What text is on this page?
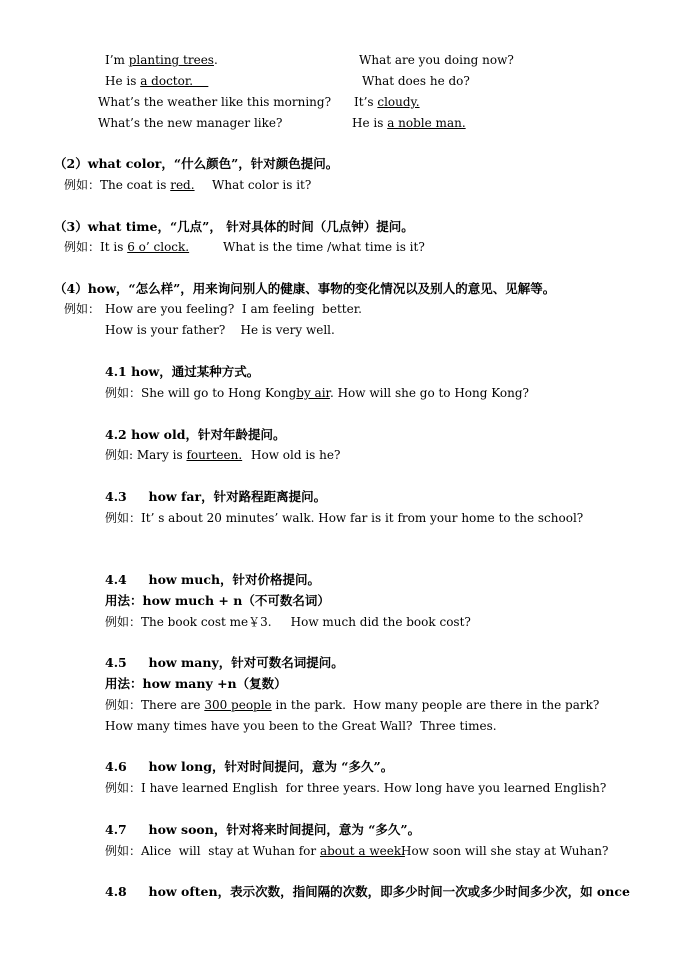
I’m planting trees.	What are you doing now?
He is a doctor.	What does he do?
What’s the weather like this morning? It’s cloudy.
What’s the new manager like?	He is a noble man.
（2）what color，“什么颜色”，针对颜色提问。
例如：The coat is red. What color is it?
（3）what time，“几点”， 针对具体的时间（几点钟）提问。
例如：It is 6 o’ clock.	What is the time /what time is it?
（4）how，“怎么样”，用来询问别人的健康、事物的变化情况以及别人的意见、见解等。
例如： How are you feeling?  I am feeling  better.
How is your father?    He is very well.
4.1 how，通过某种方式。
例如：She will go to Hong Kongby air. How will she go to Hong Kong?
4.2 how old，针对年龄提问。
例如: Mary is fourteen. How old is he?
4.3     how far，针对路程距离提问。
例如：It’ s about 20 minutes’ walk. How far is it from your home to the school?
4.4     how much，针对价格提问。
用法：how much + n（不可数名词）
例如：The book cost me￥3.     How much did the book cost?
4.5     how many，针对可数名词提问。
用法：how many +n（复数）
例如：There are 300 people in the park. How many people are there in the park?
How many times have you been to the Great Wall?  Three times.
4.6     how long，针对时间提问，意为 “多久”。
例如：I have learned English  for three years. How long have you learned English?
4.7     how soon，针对将来时间提问，意为 “多久”。
例如：Alice  will  stay at Wuhan for about a week.
How soon will she stay at Wuhan?
4.8     how often，表示次数，指间隔的次数，即多少时间一次或多少时间多少次，如 once
